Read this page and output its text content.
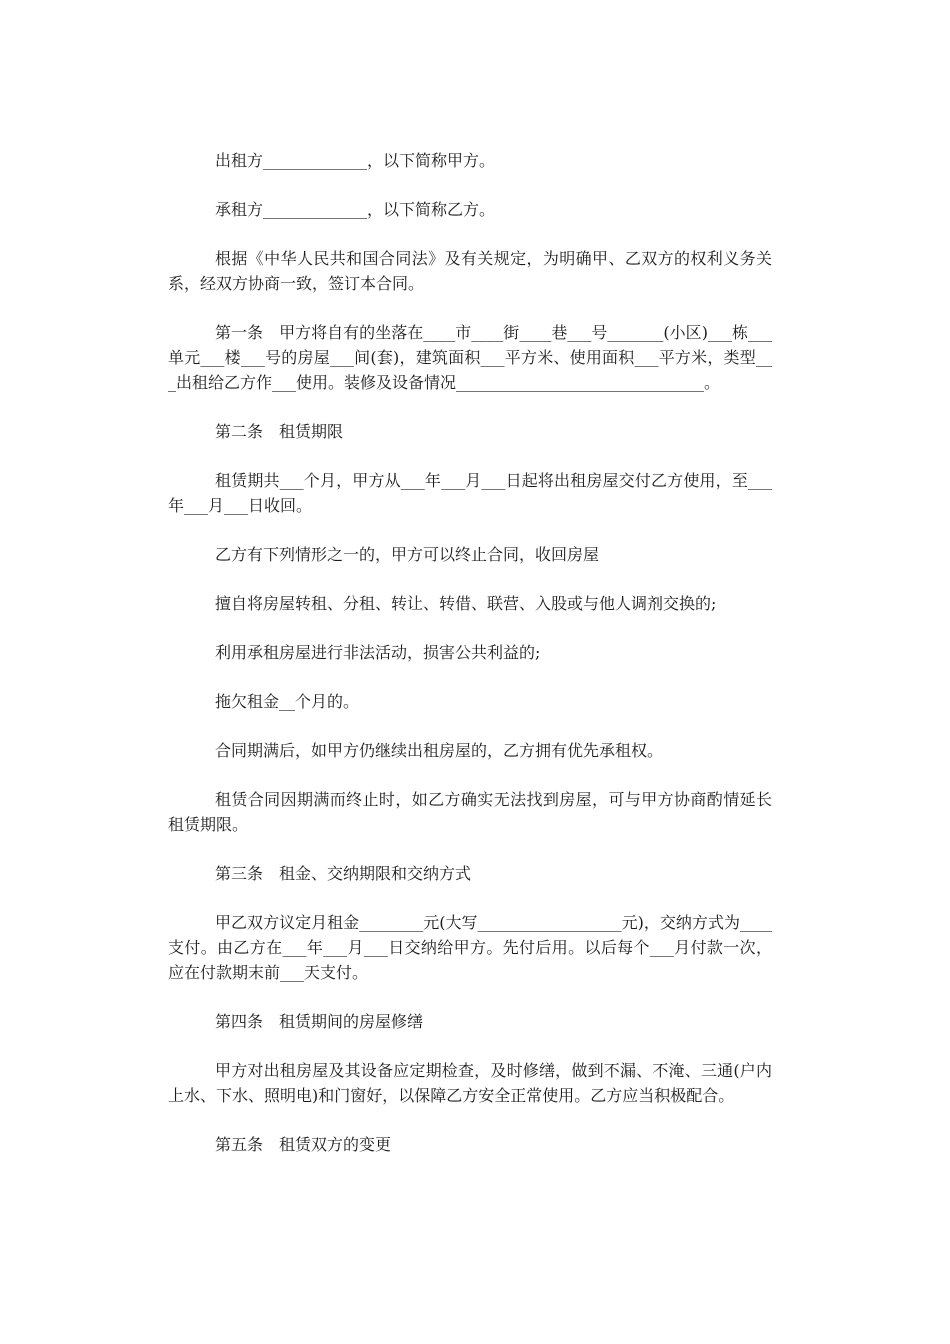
出租方_____________，以下简称甲方。

承租方_____________，以下简称乙方。

根据《中华人民共和国合同法》及有关规定，为明确甲、乙双方的权利义务关系，经双方协商一致，签订本合同。

第一条　甲方将自有的坐落在____市____街____巷___号_______(小区)___栋___单元___楼___号的房屋___间(套)，建筑面积___平方米、使用面积___平方米，类型___出租给乙方作___使用。装修及设备情况_______________________________。

第二条　租赁期限

租赁期共___个月，甲方从___年___月___日起将出租房屋交付乙方使用，至___年___月___日收回。

乙方有下列情形之一的，甲方可以终止合同，收回房屋

擅自将房屋转租、分租、转让、转借、联营、入股或与他人调剂交换的;

利用承租房屋进行非法活动，损害公共利益的;

拖欠租金__个月的。

合同期满后，如甲方仍继续出租房屋的，乙方拥有优先承租权。

租赁合同因期满而终止时，如乙方确实无法找到房屋，可与甲方协商酌情延长租赁期限。

第三条　租金、交纳期限和交纳方式

甲乙双方议定月租金________元(大写__________________元)，交纳方式为____支付。由乙方在___年___月___日交纳给甲方。先付后用。以后每个___月付款一次，应在付款期末前___天支付。

第四条　租赁期间的房屋修缮

甲方对出租房屋及其设备应定期检查，及时修缮，做到不漏、不淹、三通(户内上水、下水、照明电)和门窗好，以保障乙方安全正常使用。乙方应当积极配合。

第五条　租赁双方的变更
